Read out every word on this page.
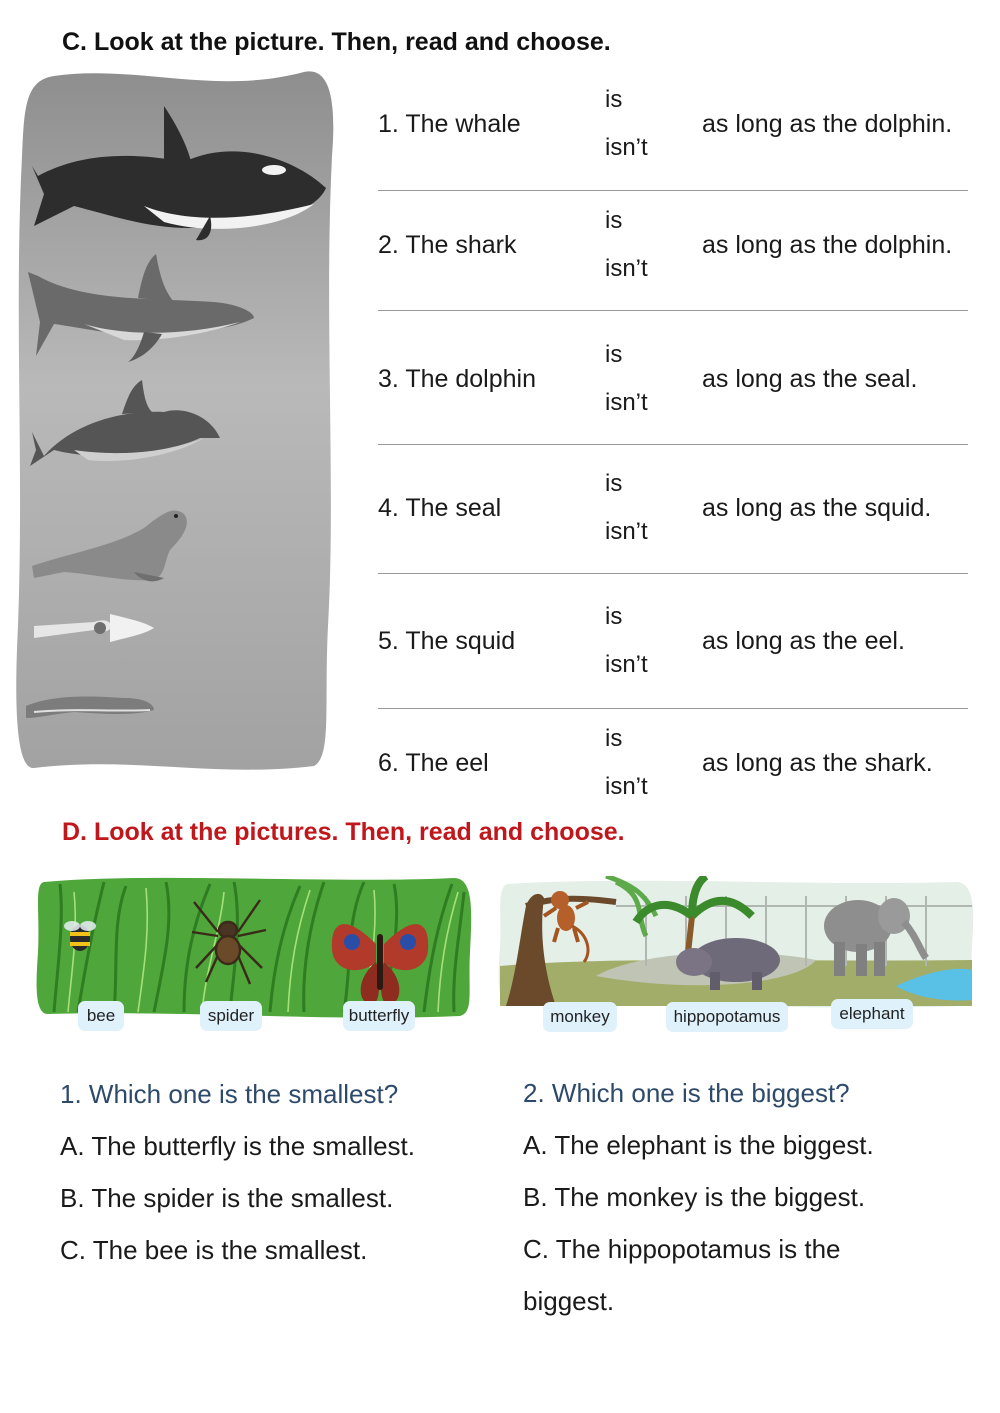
C. Look at the picture. Then, read and choose.
1. The whale
is
isn’t
as long as the dolphin.
2. The shark
is
isn’t
as long as the dolphin.
3. The dolphin
is
isn’t
as long as the seal.
4. The seal
is
isn’t
as long as the squid.
5. The squid
is
isn’t
as long as the eel.
6. The eel
is
isn’t
as long as the shark.
D. Look at the pictures. Then, read and choose.
bee	spider	butterfly	monkey	hippopotamus	elephant
1. Which one is the smallest?
A. The butterfly is the smallest.
B. The spider is the smallest.
C. The bee is the smallest.
2. Which one is the biggest?
A. The elephant is the biggest.
B. The monkey is the biggest.
C. The hippopotamus is the
biggest.
